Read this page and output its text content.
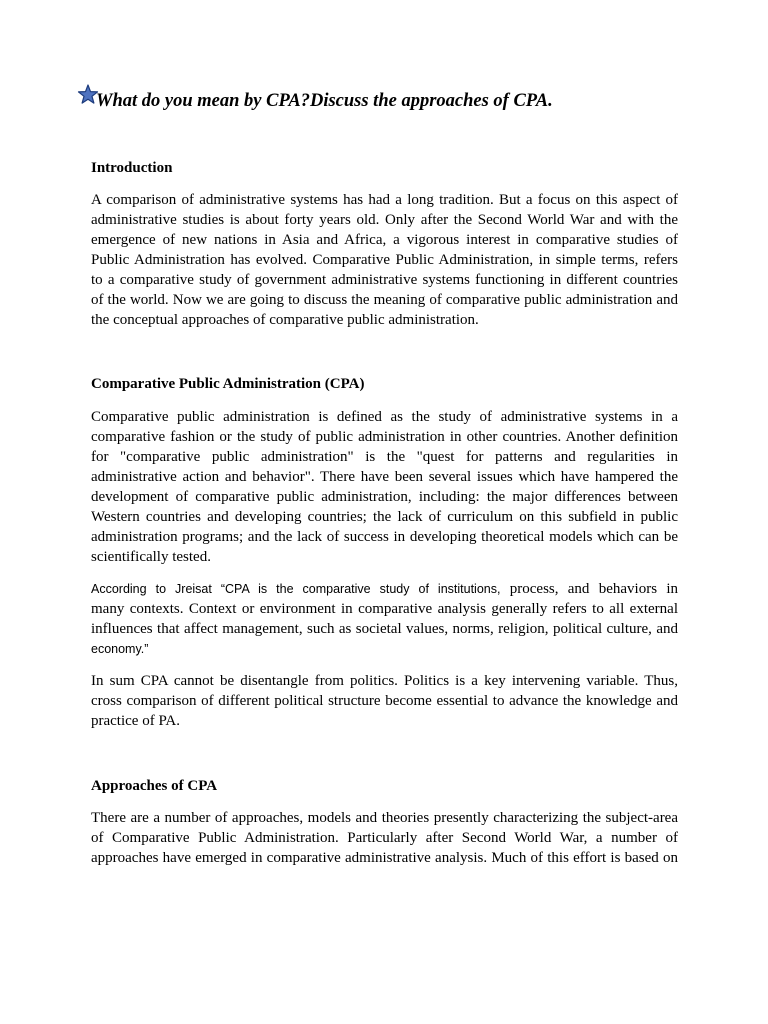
What do you mean by CPA?Discuss the approaches of CPA.
Introduction
A comparison of administrative systems has had a long tradition. But a focus on this aspect of
administrative studies is about forty years old. Only after the Second World War and with the
emergence of new nations in Asia and Africa, a vigorous interest in comparative studies of
Public Administration has evolved. Comparative Public Administration, in simple terms, refers
to a comparative study of government administrative systems functioning in different countries
of the world. Now we are going to discuss the meaning of comparative public administration and
the conceptual approaches of comparative public administration.
Comparative Public Administration (CPA)
Comparative public administration is defined as the study of administrative systems in a
comparative fashion or the study of public administration in other countries. Another definition
for "comparative public administration" is the "quest for patterns and regularities in
administrative action and behavior". There have been several issues which have hampered the
development of comparative public administration, including: the major differences between
Western countries and developing countries; the lack of curriculum on this subfield in public
administration programs; and the lack of success in developing theoretical models which can be
scientifically tested.
According to Jreisat “CPA is the comparative study of institutions, process, and behaviors in
many contexts. Context or environment in comparative analysis generally refers to all external
influences that affect management, such as societal values, norms, religion, political culture, and
economy.”
In sum CPA cannot be disentangle from politics. Politics is a key intervening variable. Thus,
cross comparison of different political structure become essential to advance the knowledge and
practice of PA.
Approaches of CPA
There are a number of approaches, models and theories presently characterizing the subject-area
of Comparative Public Administration. Particularly after Second World War, a number of
approaches have emerged in comparative administrative analysis. Much of this effort is based on
